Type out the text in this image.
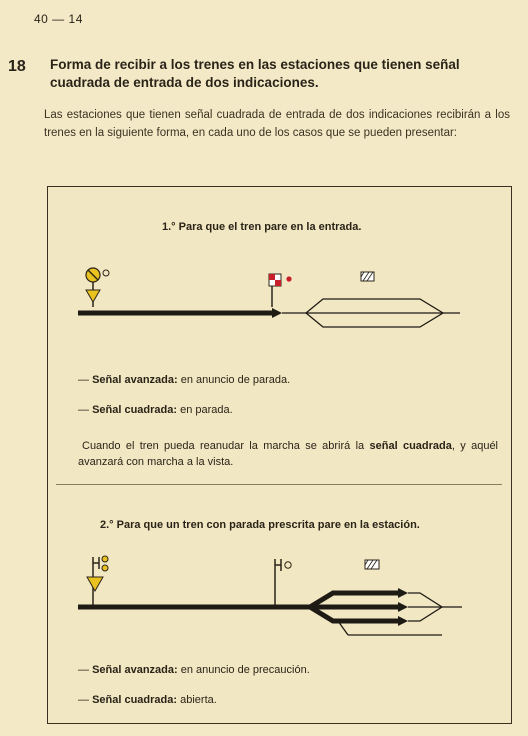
40 — 14
18 Forma de recibir a los trenes en las estaciones que tienen señal cuadrada de entrada de dos indicaciones.

Las estaciones que tienen señal cuadrada de entrada de dos indicaciones recibirán a los trenes en la siguiente forma, en cada uno de los casos que se pueden presentar:

1.° Para que el tren pare en la entrada.
— Señal avanzada: en anuncio de parada.
— Señal cuadrada: en parada.

Cuando el tren pueda reanudar la marcha se abrirá la señal cuadrada, y aquél avanzará con marcha a la vista.

2.° Para que un tren con parada prescrita pare en la estación.
— Señal avanzada: en anuncio de precaución.
— Señal cuadrada: abierta.
